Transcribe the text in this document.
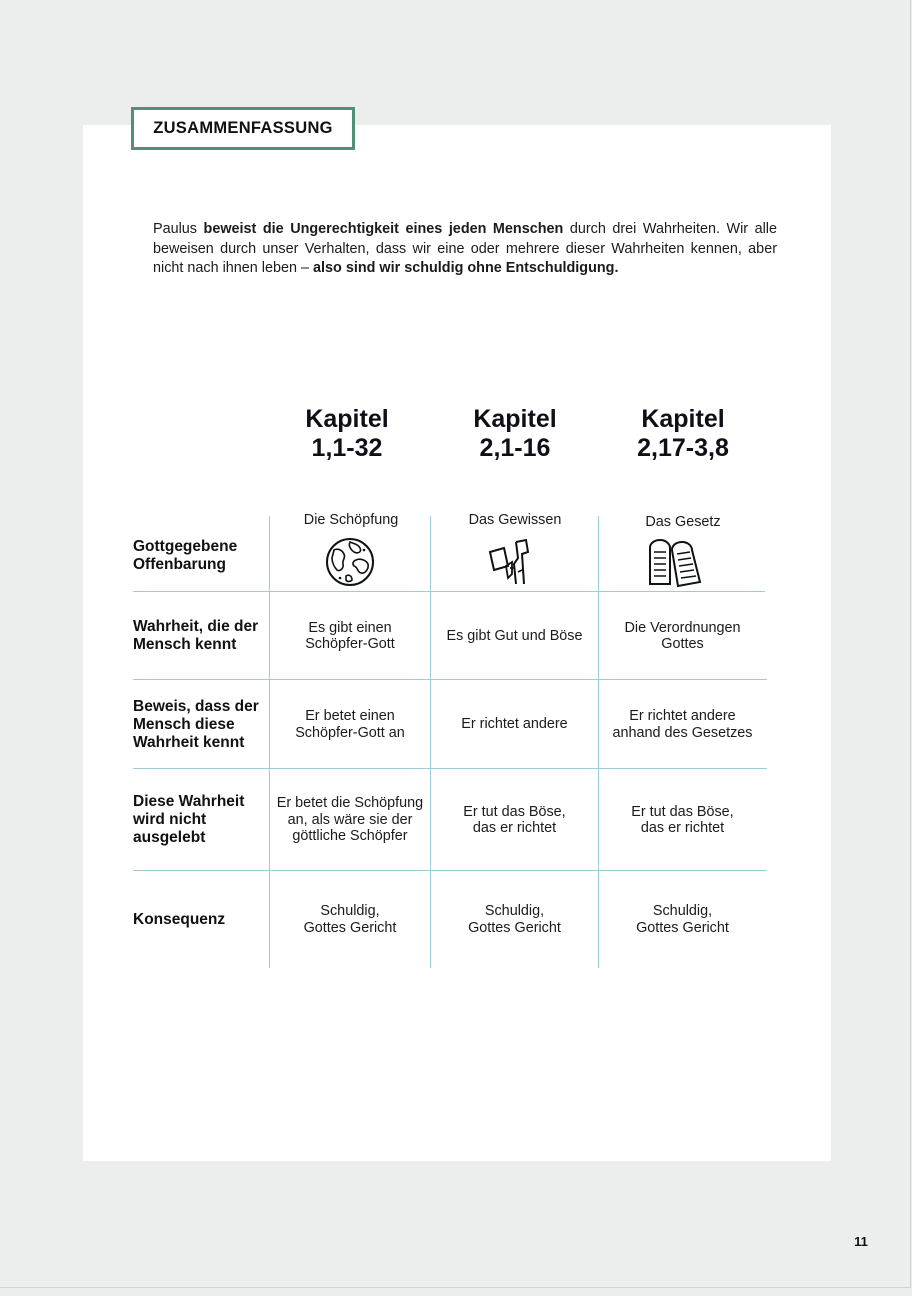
ZUSAMMENFASSUNG

Paulus beweist die Ungerechtigkeit eines jeden Menschen durch drei Wahrheiten. Wir alle beweisen durch unser Verhalten, dass wir eine oder mehrere dieser Wahrheiten kennen, aber nicht nach ihnen leben – also sind wir schuldig ohne Entschuldigung.

Kapitel
1,1-32
Kapitel
2,1-16
Kapitel
2,17-3,8
Gottgegebene
Offenbarung
Wahrheit, die der
Mensch kennt
Beweis, dass der
Mensch diese
Wahrheit kennt
Diese Wahrheit
wird nicht
ausgelebt
Konsequenz
Die Schöpfung	Das Gewissen	Das Gesetz
Es gibt einen
Schöpfer-Gott
Es gibt Gut und Böse
Die Verordnungen
Gottes
Er betet einen
Schöpfer-Gott an
Er richtet andere
Er richtet andere
anhand des Gesetzes
Er betet die Schöpfung
an, als wäre sie der
göttliche Schöpfer
Er tut das Böse,
das er richtet
Er tut das Böse,
das er richtet
Schuldig,
Gottes Gericht
Schuldig,
Gottes Gericht
Schuldig,
Gottes Gericht
11
